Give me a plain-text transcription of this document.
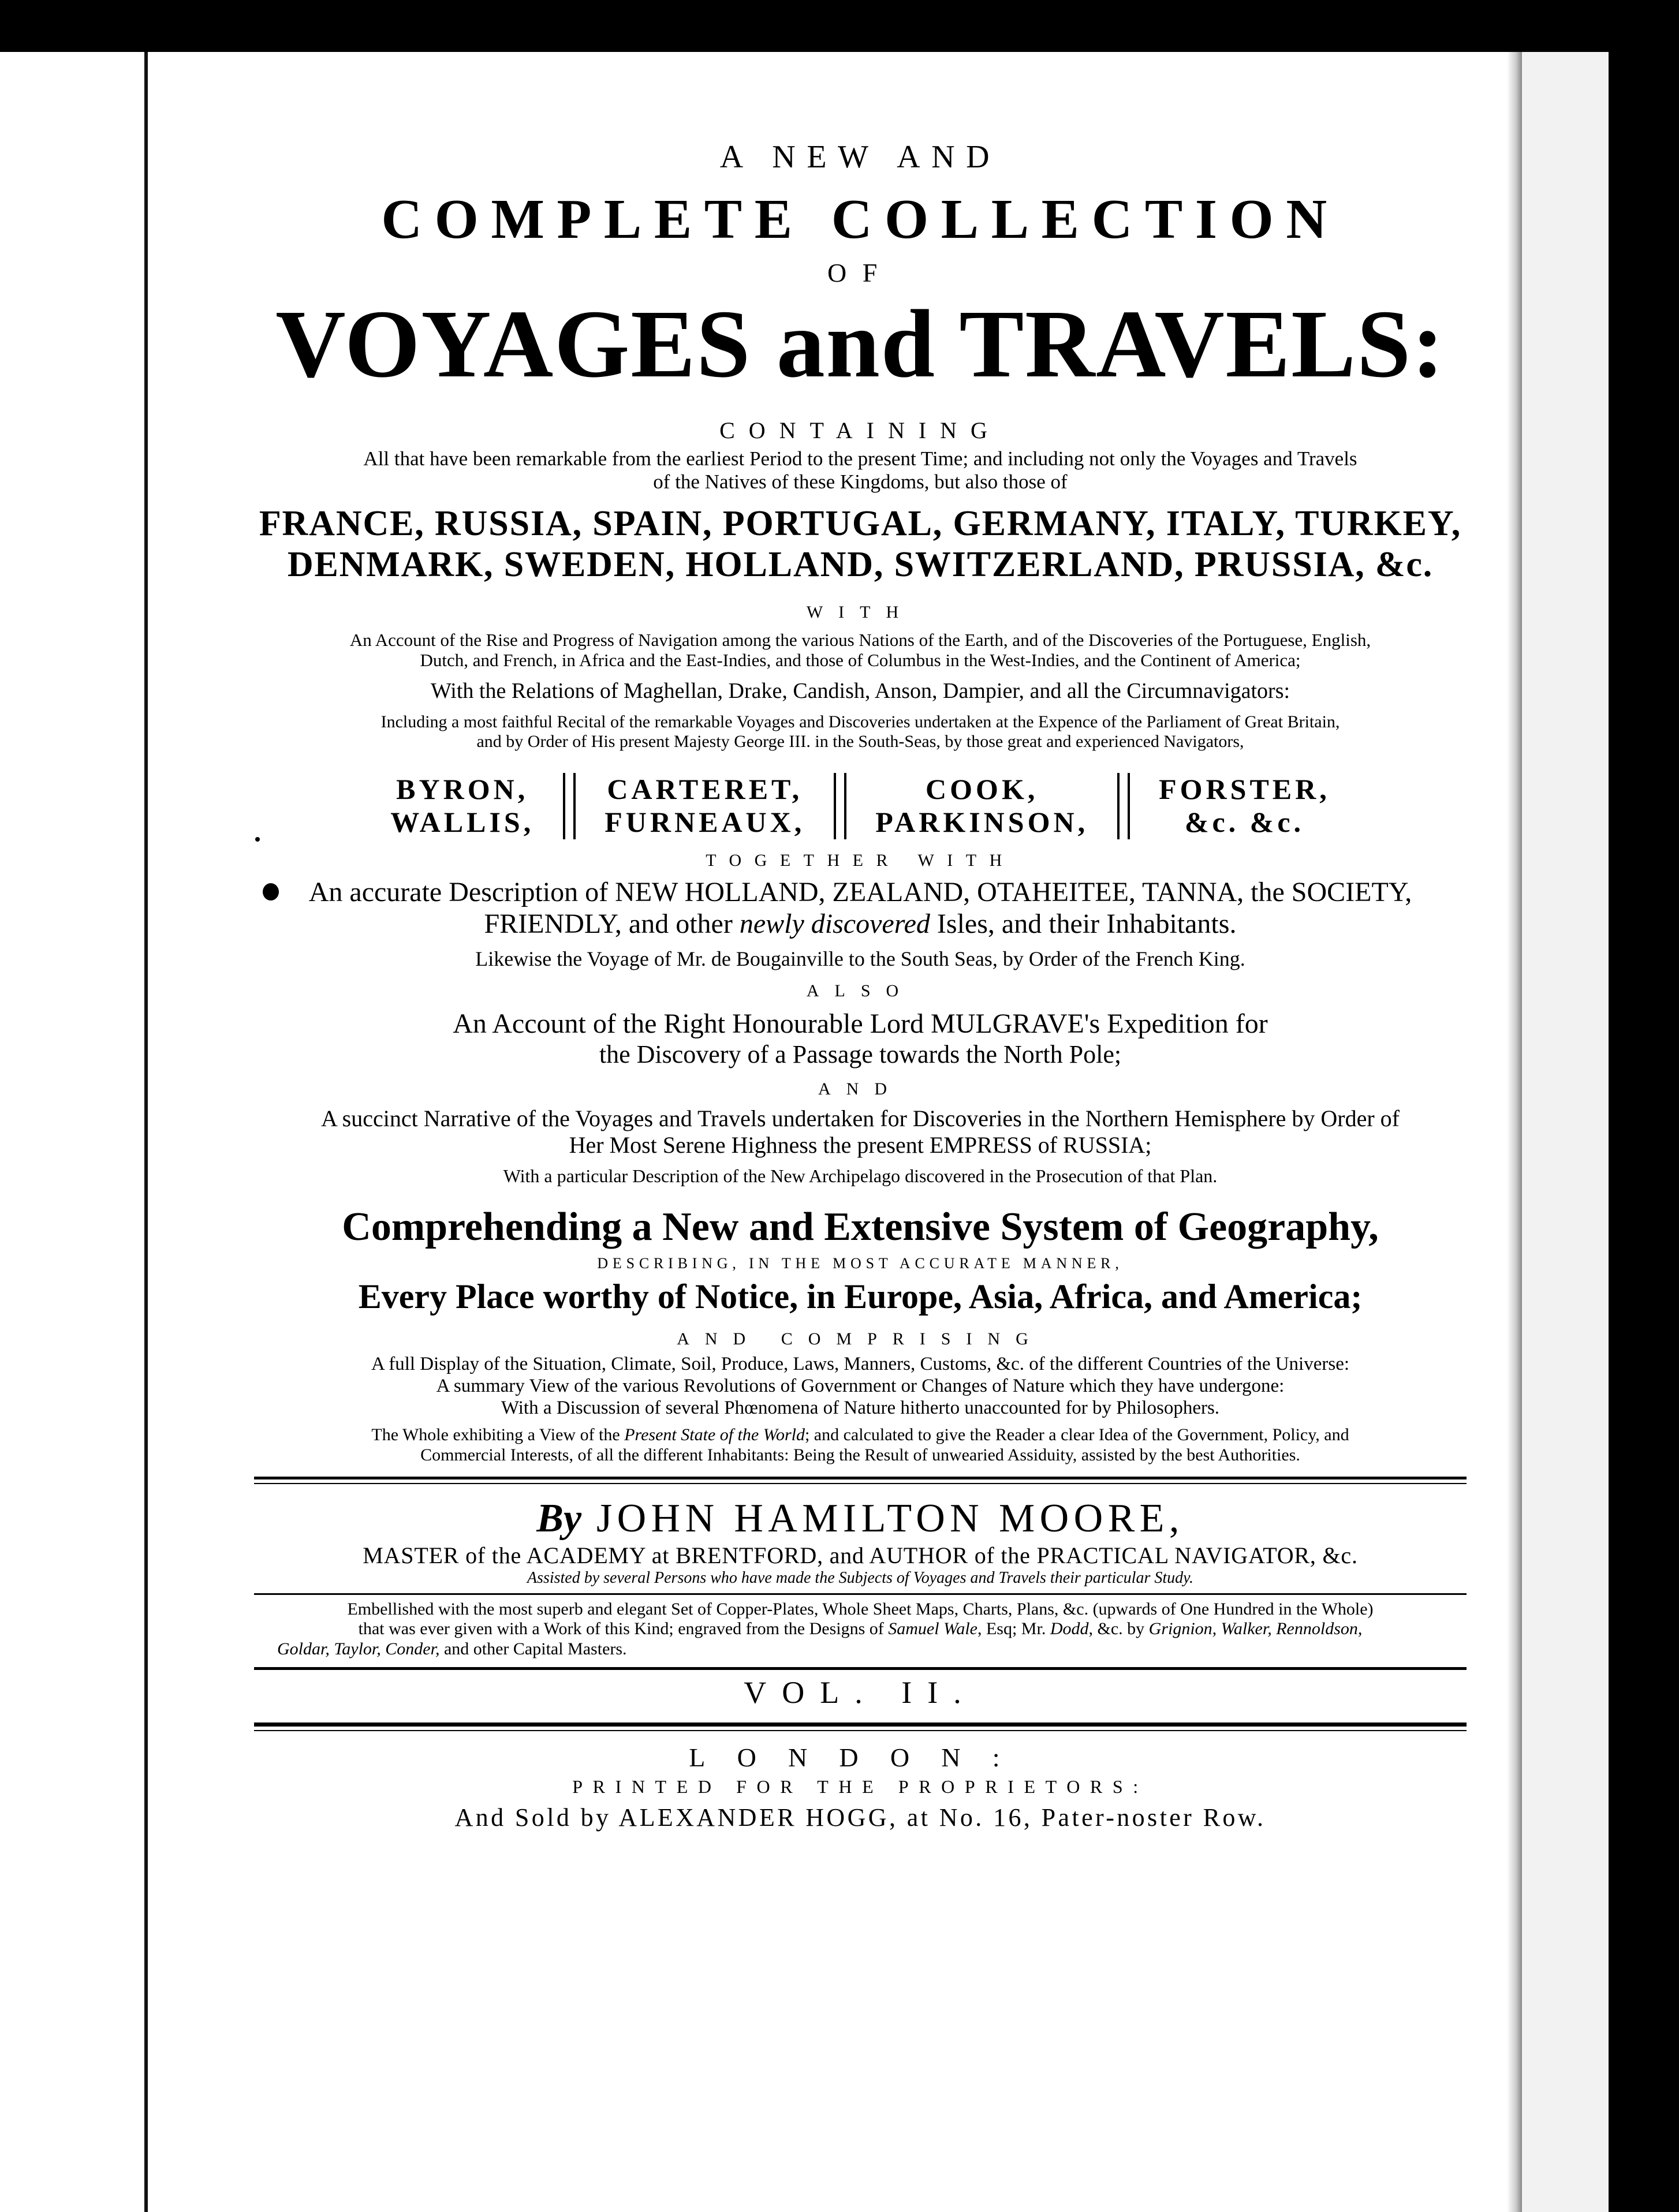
A NEW AND
COMPLETE COLLECTION
OF
VOYAGES and TRAVELS:
CONTAINING
All that have been remarkable from the earliest Period to the present Time; and including not only the Voyages and Travels
of the Natives of these Kingdoms, but also those of
FRANCE, RUSSIA, SPAIN, PORTUGAL, GERMANY, ITALY, TURKEY,
DENMARK, SWEDEN, HOLLAND, SWITZERLAND, PRUSSIA, &c.
WITH
An Account of the Rise and Progress of Navigation among the various Nations of the Earth, and of the Discoveries of the Portuguese, English,
Dutch, and French, in Africa and the East-Indies, and those of Columbus in the West-Indies, and the Continent of America;
With the Relations of Maghellan, Drake, Candish, Anson, Dampier, and all the Circumnavigators:
Including a most faithful Recital of the remarkable Voyages and Discoveries undertaken at the Expence of the Parliament of Great Britain,
and by Order of His present Majesty George III. in the South-Seas, by those great and experienced Navigators,
BYRON,
WALLIS,
CARTERET,
FURNEAUX,
COOK,
PARKINSON,
FORSTER,
&c. &c.
TOGETHER WITH
An accurate Description of NEW HOLLAND, ZEALAND, OTAHEITEE, TANNA, the SOCIETY,
FRIENDLY, and other newly discovered Isles, and their Inhabitants.
Likewise the Voyage of Mr. de Bougainville to the South Seas, by Order of the French King.
ALSO
An Account of the Right Honourable Lord MULGRAVE's Expedition for
the Discovery of a Passage towards the North Pole;
AND
A succinct Narrative of the Voyages and Travels undertaken for Discoveries in the Northern Hemisphere by Order of
Her Most Serene Highness the present EMPRESS of RUSSIA;
With a particular Description of the New Archipelago discovered in the Prosecution of that Plan.
Comprehending a New and Extensive System of Geography,
DESCRIBING, IN THE MOST ACCURATE MANNER,
Every Place worthy of Notice, in Europe, Asia, Africa, and America;
AND COMPRISING
A full Display of the Situation, Climate, Soil, Produce, Laws, Manners, Customs, &c. of the different Countries of the Universe:
A summary View of the various Revolutions of Government or Changes of Nature which they have undergone:
With a Discussion of several Phœnomena of Nature hitherto unaccounted for by Philosophers.
The Whole exhibiting a View of the Present State of the World; and calculated to give the Reader a clear Idea of the Government, Policy, and
Commercial Interests, of all the different Inhabitants: Being the Result of unwearied Assiduity, assisted by the best Authorities.
By JOHN HAMILTON MOORE,
MASTER of the ACADEMY at BRENTFORD, and AUTHOR of the PRACTICAL NAVIGATOR, &c.
Assisted by several Persons who have made the Subjects of Voyages and Travels their particular Study.
Embellished with the most superb and elegant Set of Copper-Plates, Whole Sheet Maps, Charts, Plans, &c. (upwards of One Hundred in the Whole)
that was ever given with a Work of this Kind; engraved from the Designs of Samuel Wale, Esq; Mr. Dodd, &c. by Grignion, Walker, Rennoldson,
Goldar, Taylor, Conder, and other Capital Masters.
VOL. II.
LONDON:
PRINTED FOR THE PROPRIETORS:
And Sold by ALEXANDER HOGG, at No. 16, Pater-noster Row.
